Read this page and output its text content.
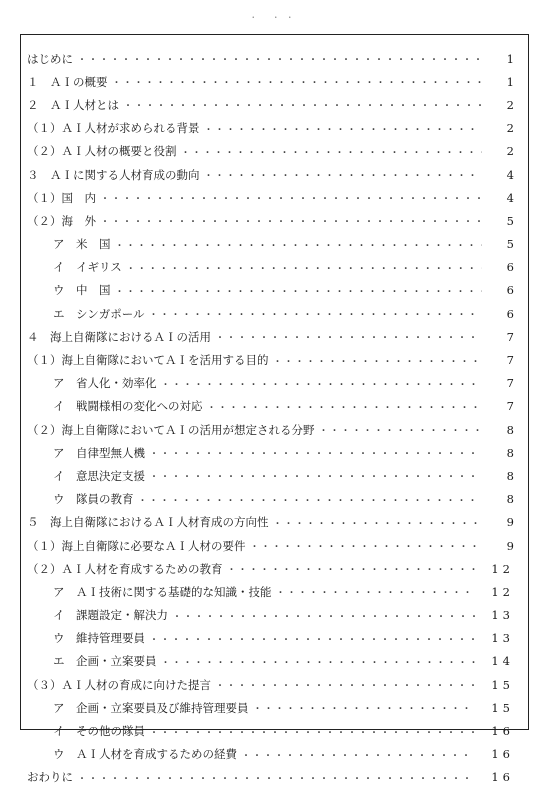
・ ・・
はじめに ・・・・・・・・・・・・・・・・・・・・・・・・・・・・・・・・・・・・・・・・・・・・・・・・・・・・・・・・・・・・・・・・・・・・・・・・・・・・・・・・・・・・・・・・	1
１　ＡＩの概要 ・・・・・・・・・・・・・・・・・・・・・・・・・・・・・・・・・・・・・・・・・・・・・・・・・・・・・・・・・・・・・・・・・・・・・・・・・・・・・・・・・・・・・・・・	1
２　ＡＩ人材とは ・・・・・・・・・・・・・・・・・・・・・・・・・・・・・・・・・・・・・・・・・・・・・・・・・・・・・・・・・・・・・・・・・・・・・・・・・・・・・・・・・・・・・・・・	2
（１）ＡＩ人材が求められる背景 ・・・・・・・・・・・・・・・・・・・・・・・・・・・・・・・・・・・・・・・・・・・・・・・・・・・・・・・・・・・・・・・・・・・・・・・・・・・・・・・・・・・・・・・・	2
（２）ＡＩ人材の概要と役割 ・・・・・・・・・・・・・・・・・・・・・・・・・・・・・・・・・・・・・・・・・・・・・・・・・・・・・・・・・・・・・・・・・・・・・・・・・・・・・・・・・・・・・・・・	2
３　ＡＩに関する人材育成の動向 ・・・・・・・・・・・・・・・・・・・・・・・・・・・・・・・・・・・・・・・・・・・・・・・・・・・・・・・・・・・・・・・・・・・・・・・・・・・・・・・・・・・・・・・・	4
（１）国　内 ・・・・・・・・・・・・・・・・・・・・・・・・・・・・・・・・・・・・・・・・・・・・・・・・・・・・・・・・・・・・・・・・・・・・・・・・・・・・・・・・・・・・・・・・	4
（２）海　外 ・・・・・・・・・・・・・・・・・・・・・・・・・・・・・・・・・・・・・・・・・・・・・・・・・・・・・・・・・・・・・・・・・・・・・・・・・・・・・・・・・・・・・・・・	5
ア　米　国 ・・・・・・・・・・・・・・・・・・・・・・・・・・・・・・・・・・・・・・・・・・・・・・・・・・・・・・・・・・・・・・・・・・・・・・・・・・・・・・・・・・・・・・・・	5
イ　イギリス ・・・・・・・・・・・・・・・・・・・・・・・・・・・・・・・・・・・・・・・・・・・・・・・・・・・・・・・・・・・・・・・・・・・・・・・・・・・・・・・・・・・・・・・・	6
ウ　中　国 ・・・・・・・・・・・・・・・・・・・・・・・・・・・・・・・・・・・・・・・・・・・・・・・・・・・・・・・・・・・・・・・・・・・・・・・・・・・・・・・・・・・・・・・・	6
エ　シンガポール ・・・・・・・・・・・・・・・・・・・・・・・・・・・・・・・・・・・・・・・・・・・・・・・・・・・・・・・・・・・・・・・・・・・・・・・・・・・・・・・・・・・・・・・・	6
４　海上自衛隊におけるＡＩの活用 ・・・・・・・・・・・・・・・・・・・・・・・・・・・・・・・・・・・・・・・・・・・・・・・・・・・・・・・・・・・・・・・・・・・・・・・・・・・・・・・・・・・・・・・・	7
（１）海上自衛隊においてＡＩを活用する目的 ・・・・・・・・・・・・・・・・・・・・・・・・・・・・・・・・・・・・・・・・・・・・・・・・・・・・・・・・・・・・・・・・・・・・・・・・・・・・・・・・・・・・・・・・	7
ア　省人化・効率化 ・・・・・・・・・・・・・・・・・・・・・・・・・・・・・・・・・・・・・・・・・・・・・・・・・・・・・・・・・・・・・・・・・・・・・・・・・・・・・・・・・・・・・・・・	7
イ　戦闘様相の変化への対応 ・・・・・・・・・・・・・・・・・・・・・・・・・・・・・・・・・・・・・・・・・・・・・・・・・・・・・・・・・・・・・・・・・・・・・・・・・・・・・・・・・・・・・・・・	7
（２）海上自衛隊においてＡＩの活用が想定される分野 ・・・・・・・・・・・・・・・・・・・・・・・・・・・・・・・・・・・・・・・・・・・・・・・・・・・・・・・・・・・・・・・・・・・・・・・・・・・・・・・・・・・・・・・・	8
ア　自律型無人機 ・・・・・・・・・・・・・・・・・・・・・・・・・・・・・・・・・・・・・・・・・・・・・・・・・・・・・・・・・・・・・・・・・・・・・・・・・・・・・・・・・・・・・・・・	8
イ　意思決定支援 ・・・・・・・・・・・・・・・・・・・・・・・・・・・・・・・・・・・・・・・・・・・・・・・・・・・・・・・・・・・・・・・・・・・・・・・・・・・・・・・・・・・・・・・・	8
ウ　隊員の教育 ・・・・・・・・・・・・・・・・・・・・・・・・・・・・・・・・・・・・・・・・・・・・・・・・・・・・・・・・・・・・・・・・・・・・・・・・・・・・・・・・・・・・・・・・	8
５　海上自衛隊におけるＡＩ人材育成の方向性 ・・・・・・・・・・・・・・・・・・・・・・・・・・・・・・・・・・・・・・・・・・・・・・・・・・・・・・・・・・・・・・・・・・・・・・・・・・・・・・・・・・・・・・・・	9
（１）海上自衛隊に必要なＡＩ人材の要件 ・・・・・・・・・・・・・・・・・・・・・・・・・・・・・・・・・・・・・・・・・・・・・・・・・・・・・・・・・・・・・・・・・・・・・・・・・・・・・・・・・・・・・・・・	9
（２）ＡＩ人材を育成するための教育 ・・・・・・・・・・・・・・・・・・・・・・・・・・・・・・・・・・・・・・・・・・・・・・・・・・・・・・・・・・・・・・・・・・・・・・・・・・・・・・・・・・・・・・・・	12
ア　ＡＩ技術に関する基礎的な知識・技能 ・・・・・・・・・・・・・・・・・・・・・・・・・・・・・・・・・・・・・・・・・・・・・・・・・・・・・・・・・・・・・・・・・・・・・・・・・・・・・・・・・・・・・・・・	12
イ　課題設定・解決力 ・・・・・・・・・・・・・・・・・・・・・・・・・・・・・・・・・・・・・・・・・・・・・・・・・・・・・・・・・・・・・・・・・・・・・・・・・・・・・・・・・・・・・・・・	13
ウ　維持管理要員 ・・・・・・・・・・・・・・・・・・・・・・・・・・・・・・・・・・・・・・・・・・・・・・・・・・・・・・・・・・・・・・・・・・・・・・・・・・・・・・・・・・・・・・・・	13
エ　企画・立案要員 ・・・・・・・・・・・・・・・・・・・・・・・・・・・・・・・・・・・・・・・・・・・・・・・・・・・・・・・・・・・・・・・・・・・・・・・・・・・・・・・・・・・・・・・・	14
（３）ＡＩ人材の育成に向けた提言 ・・・・・・・・・・・・・・・・・・・・・・・・・・・・・・・・・・・・・・・・・・・・・・・・・・・・・・・・・・・・・・・・・・・・・・・・・・・・・・・・・・・・・・・・	15
ア　企画・立案要員及び維持管理要員 ・・・・・・・・・・・・・・・・・・・・・・・・・・・・・・・・・・・・・・・・・・・・・・・・・・・・・・・・・・・・・・・・・・・・・・・・・・・・・・・・・・・・・・・・	15
イ　その他の隊員 ・・・・・・・・・・・・・・・・・・・・・・・・・・・・・・・・・・・・・・・・・・・・・・・・・・・・・・・・・・・・・・・・・・・・・・・・・・・・・・・・・・・・・・・・	16
ウ　ＡＩ人材を育成するための経費 ・・・・・・・・・・・・・・・・・・・・・・・・・・・・・・・・・・・・・・・・・・・・・・・・・・・・・・・・・・・・・・・・・・・・・・・・・・・・・・・・・・・・・・・・	16
おわりに ・・・・・・・・・・・・・・・・・・・・・・・・・・・・・・・・・・・・・・・・・・・・・・・・・・・・・・・・・・・・・・・・・・・・・・・・・・・・・・・・・・・・・・・・	16
